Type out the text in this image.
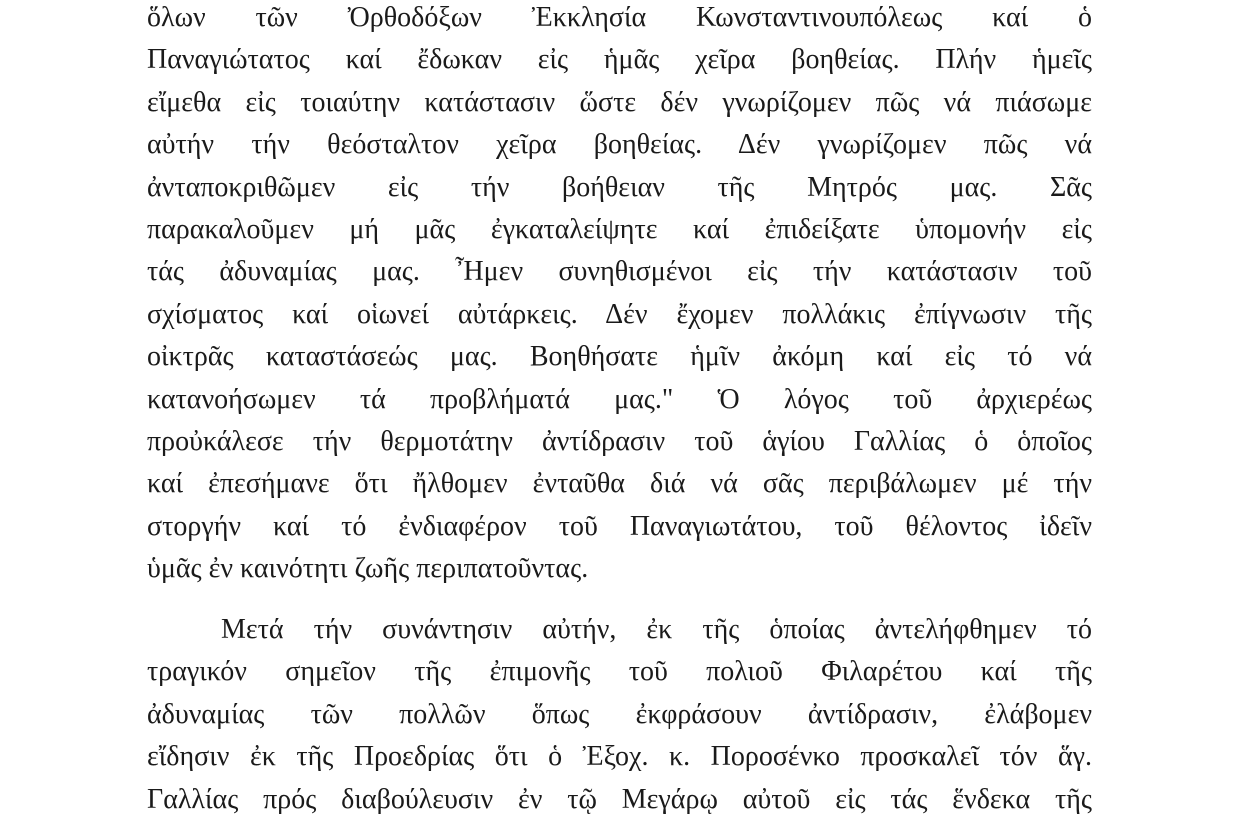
ὅλων τῶν Ὀρθοδόξων Ἐκκλησία Κωνσταντινουπόλεως καί ὁ
Παναγιώτατος καί ἔδωκαν εἰς ἡμᾶς χεῖρα βοηθείας. Πλήν ἡμεῖς
εἴμεθα εἰς τοιαύτην κατάστασιν ὥστε δέν γνωρίζομεν πῶς νά πιάσωμε
αὐτήν τήν θεόσταλτον χεῖρα βοηθείας. Δέν γνωρίζομεν πῶς νά
ἀνταποκριθῶμεν εἰς τήν βοήθειαν τῆς Μητρός μας. Σᾶς
παρακαλοῦμεν μή μᾶς ἐγκαταλείψητε καί ἐπιδείξατε ὑπομονήν εἰς
τάς ἀδυναμίας μας. Ἦμεν συνηθισμένοι εἰς τήν κατάστασιν τοῦ
σχίσματος καί οἱωνεί αὐτάρκεις. Δέν ἔχομεν πολλάκις ἐπίγνωσιν τῆς
οἰκτρᾶς καταστάσεώς μας. Βοηθήσατε ἡμῖν ἀκόμη καί εἰς τό νά
κατανοήσωμεν τά προβλήματά μας." Ὁ λόγος τοῦ ἀρχιερέως
προὐκάλεσε τήν θερμοτάτην ἀντίδρασιν τοῦ ἁγίου Γαλλίας ὁ ὁποῖος
καί ἐπεσήμανε ὅτι ἤλθομεν ἐνταῦθα διά νά σᾶς περιβάλωμεν μέ τήν
στοργήν καί τό ἐνδιαφέρον τοῦ Παναγιωτάτου, τοῦ θέλοντος ἰδεῖν
ὑμᾶς ἐν καινότητι ζωῆς περιπατοῦντας.
Μετά τήν συνάντησιν αὐτήν, ἐκ τῆς ὁποίας ἀντελήφθημεν τό
τραγικόν σημεῖον τῆς ἐπιμονῆς τοῦ πολιοῦ Φιλαρέτου καί τῆς
ἀδυναμίας τῶν πολλῶν ὅπως ἐκφράσουν ἀντίδρασιν, ἐλάβομεν
εἴδησιν ἐκ τῆς Προεδρίας ὅτι ὁ Ἐξοχ. κ. Ποροσένκο προσκαλεῖ τόν ἅγ.
Γαλλίας πρός διαβούλευσιν ἐν τῷ Μεγάρῳ αὐτοῦ εἰς τάς ἕνδεκα τῆς
